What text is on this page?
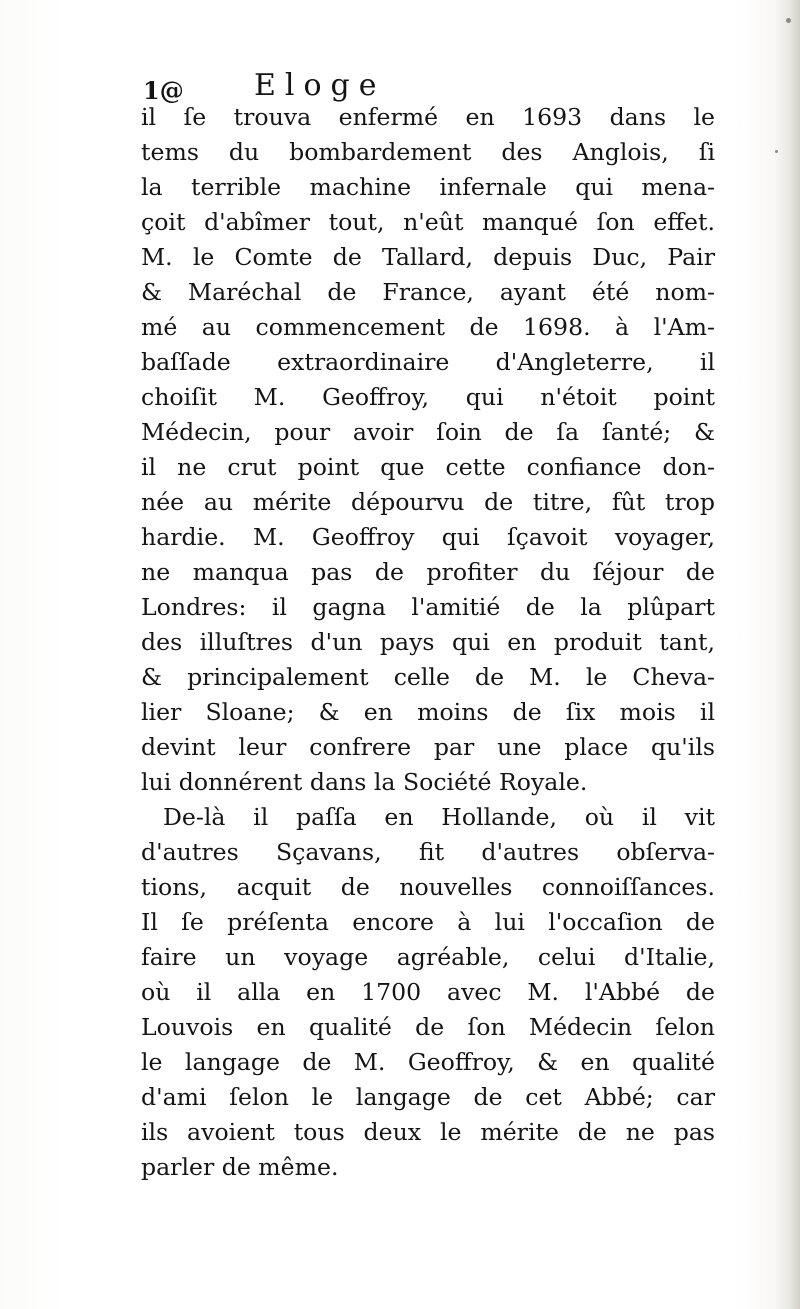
1@ Eloge
il ſe trouva enfermé en 1693 dans le
tems du bombardement des Anglois, ſi
la terrible machine infernale qui mena-
çoit d'abîmer tout, n'eût manqué ſon effet.
M. le Comte de Tallard, depuis Duc, Pair
& Maréchal de France, ayant été nom-
mé au commencement de 1698. à l'Am-
baſſade extraordinaire d'Angleterre, il
choiſit M. Geoffroy, qui n'étoit point
Médecin, pour avoir ſoin de ſa ſanté; &
il ne crut point que cette confiance don-
née au mérite dépourvu de titre, fût trop
hardie. M. Geoffroy qui ſçavoit voyager,
ne manqua pas de profiter du ſéjour de
Londres: il gagna l'amitié de la plûpart
des illuſtres d'un pays qui en produit tant,
& principalement celle de M. le Cheva-
lier Sloane; & en moins de ſix mois il
devint leur confrere par une place qu'ils
lui donnérent dans la Société Royale.
De-là il paſſa en Hollande, où il vit
d'autres Sçavans, fit d'autres obſerva-
tions, acquit de nouvelles connoiſſances.
Il ſe préſenta encore à lui l'occaſion de
faire un voyage agréable, celui d'Italie,
où il alla en 1700 avec M. l'Abbé de
Louvois en qualité de ſon Médecin ſelon
le langage de M. Geoffroy, & en qualité
d'ami ſelon le langage de cet Abbé; car
ils avoient tous deux le mérite de ne pas
parler de même.
